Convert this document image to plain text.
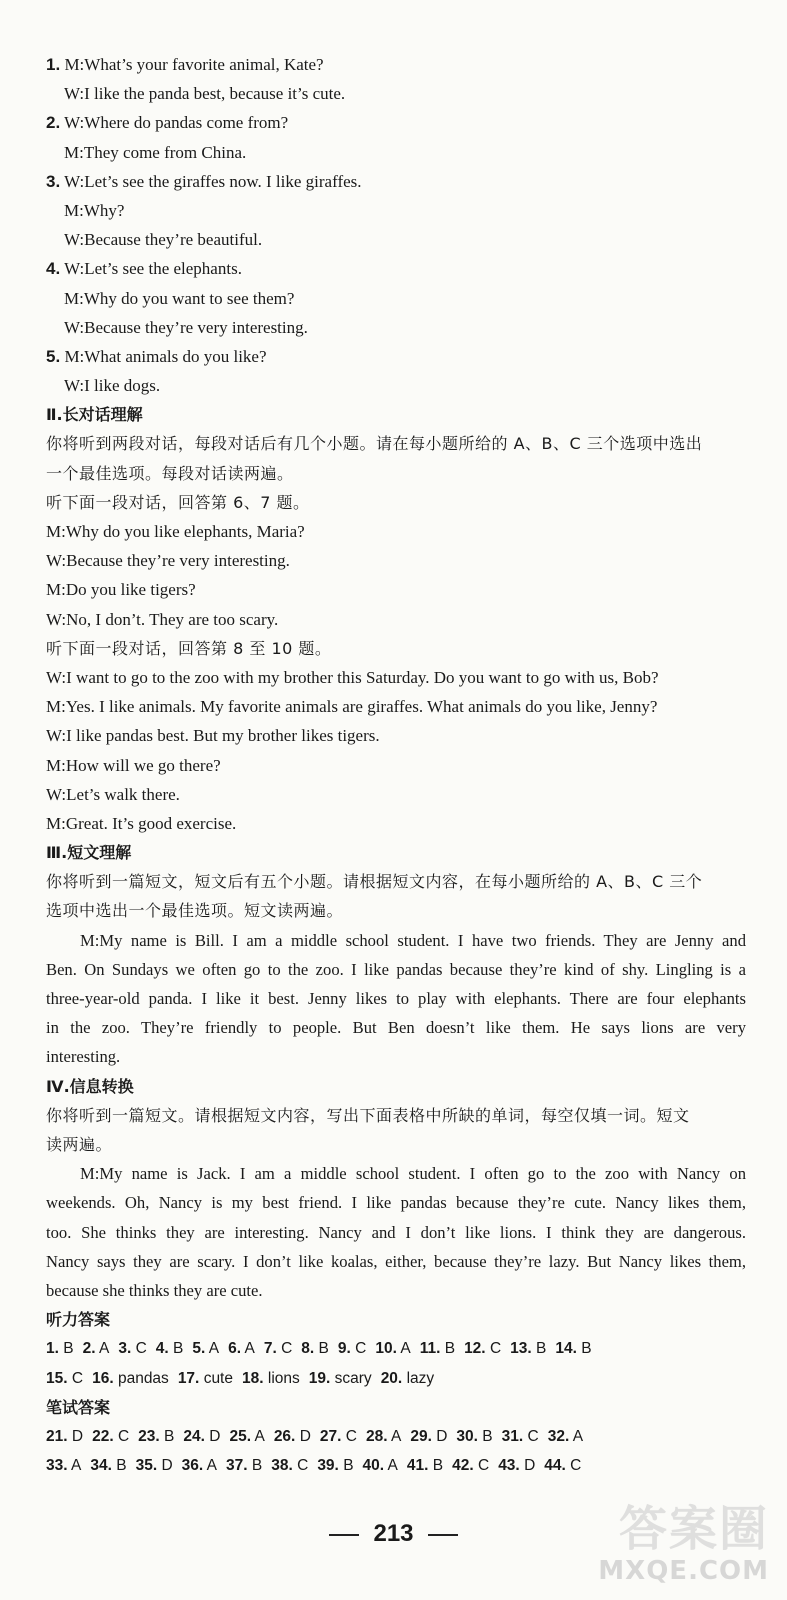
1. M:What’s your favorite animal, Kate?
W:I like the panda best, because it’s cute.
2. W:Where do pandas come from?
M:They come from China.
3. W:Let’s see the giraffes now. I like giraffes.
M:Why?
W:Because they’re beautiful.
4. W:Let’s see the elephants.
M:Why do you want to see them?
W:Because they’re very interesting.
5. M:What animals do you like?
W:I like dogs.
Ⅱ.长对话理解
你将听到两段对话，每段对话后有几个小题。请在每小题所给的 A、B、C 三个选项中选出
一个最佳选项。每段对话读两遍。
听下面一段对话，回答第 6、7 题。
M:Why do you like elephants, Maria?
W:Because they’re very interesting.
M:Do you like tigers?
W:No, I don’t. They are too scary.
听下面一段对话，回答第 8 至 10 题。
W:I want to go to the zoo with my brother this Saturday. Do you want to go with us, Bob?
M:Yes. I like animals. My favorite animals are giraffes. What animals do you like, Jenny?
W:I like pandas best. But my brother likes tigers.
M:How will we go there?
W:Let’s walk there.
M:Great. It’s good exercise.
Ⅲ.短文理解
你将听到一篇短文，短文后有五个小题。请根据短文内容，在每小题所给的 A、B、C 三个
选项中选出一个最佳选项。短文读两遍。
M:My name is Bill. I am a middle school student. I have two friends. They are Jenny and
Ben. On Sundays we often go to the zoo. I like pandas because they’re kind of shy. Lingling is a
three-year-old panda. I like it best. Jenny likes to play with elephants. There are four elephants
in the zoo. They’re friendly to people. But Ben doesn’t like them. He says lions are very
interesting.
Ⅳ.信息转换
你将听到一篇短文。请根据短文内容，写出下面表格中所缺的单词，每空仅填一词。短文
读两遍。
M:My name is Jack. I am a middle school student. I often go to the zoo with Nancy on
weekends. Oh, Nancy is my best friend. I like pandas because they’re cute. Nancy likes them,
too. She thinks they are interesting. Nancy and I don’t like lions. I think they are dangerous.
Nancy says they are scary. I don’t like koalas, either, because they’re lazy. But Nancy likes them,
because she thinks they are cute.
听力答案
1. B 2. A 3. C 4. B 5. A 6. A 7. C 8. B 9. C 10. A 11. B 12. C 13. B 14. B
15. C 16. pandas 17. cute 18. lions 19. scary 20. lazy
笔试答案
21. D 22. C 23. B 24. D 25. A 26. D 27. C 28. A 29. D 30. B 31. C 32. A
33. A 34. B 35. D 36. A 37. B 38. C 39. B 40. A 41. B 42. C 43. D 44. C
213	答案圈
MXQE.COM
